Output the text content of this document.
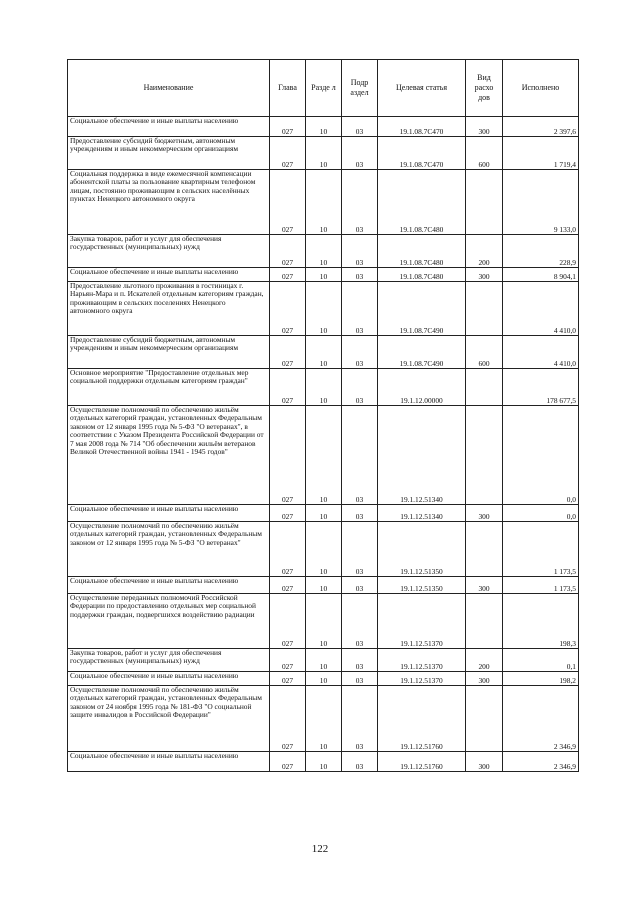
Наименование	Глава	Разде л	Подр аздел	Целевая статья	Вид расхо дов	Исполнено
Социальное обеспечение и иные выплаты населению	027	10	03	19.1.08.7С470	300	2 397,6
Предоставление субсидий бюджетным, автономным учреждениям и иным некоммерческим организациям	027	10	03	19.1.08.7С470	600	1 719,4
Социальная поддержка в виде ежемесячной компенсации абонентской платы за пользование квартирным телефоном лицам, постоянно проживающим в сельских населённых пунктах Ненецкого автономного округа	027	10	03	19.1.08.7С480		9 133,0
Закупка товаров, работ и услуг для обеспечения государственных (муниципальных) нужд	027	10	03	19.1.08.7С480	200	228,9
Социальное обеспечение и иные выплаты населению	027	10	03	19.1.08.7С480	300	8 904,1
Предоставление льготного проживания в гостиницах г. Нарьян-Мара и п. Искателей отдельным категориям граждан, проживающим в сельских поселениях Ненецкого автономного округа	027	10	03	19.1.08.7С490		4 410,0
Предоставление субсидий бюджетным, автономным учреждениям и иным некоммерческим организациям	027	10	03	19.1.08.7С490	600	4 410,0
Основное мероприятие "Предоставление отдельных мер социальной поддержки отдельным категориям граждан"	027	10	03	19.1.12.00000		178 677,5
Осуществление полномочий по обеспечению жильём отдельных категорий граждан, установленных Федеральным законом от 12 января 1995 года № 5-ФЗ "О ветеранах", в соответствии с Указом Президента Российской Федерации от 7 мая 2008 года № 714 "Об обеспечении жильём ветеранов Великой Отечественной войны 1941 - 1945 годов"	027	10	03	19.1.12.51340		0,0
Социальное обеспечение и иные выплаты населению	027	10	03	19.1.12.51340	300	0,0
Осуществление полномочий по обеспечению жильём отдельных категорий граждан, установленных Федеральным законом от 12 января 1995 года № 5-ФЗ "О ветеранах"	027	10	03	19.1.12.51350		1 173,5
Социальное обеспечение и иные выплаты населению	027	10	03	19.1.12.51350	300	1 173,5
Осуществление переданных полномочий Российской Федерации по предоставлению отдельных мер социальной поддержки граждан, подвергшихся воздействию радиации	027	10	03	19.1.12.51370		198,3
Закупка товаров, работ и услуг для обеспечения государственных (муниципальных) нужд	027	10	03	19.1.12.51370	200	0,1
Социальное обеспечение и иные выплаты населению	027	10	03	19.1.12.51370	300	198,2
Осуществление полномочий по обеспечению жильём отдельных категорий граждан, установленных Федеральным законом от 24 ноября 1995 года № 181-ФЗ "О социальной защите инвалидов в Российской Федерации"	027	10	03	19.1.12.51760		2 346,9
Социальное обеспечение и иные выплаты населению	027	10	03	19.1.12.51760	300	2 346,9
122
